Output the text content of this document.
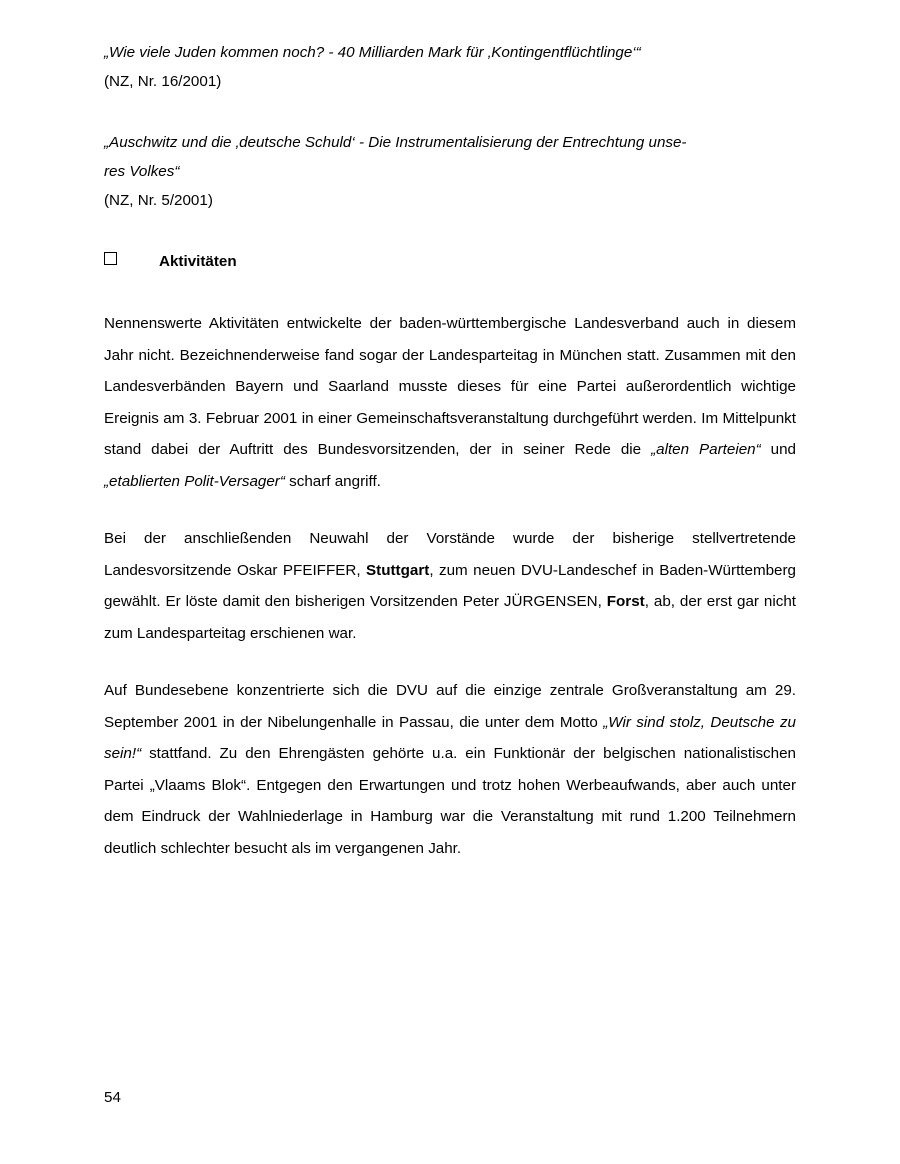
„Wie viele Juden kommen noch? - 40 Milliarden Mark für ‚Kontingentflüchtlinge‘“

(NZ, Nr. 16/2001)

„Auschwitz und die ‚deutsche Schuld‘ - Die Instrumentalisierung der Entrechtung unse-

res Volkes“

(NZ, Nr. 5/2001)

Aktivitäten

Nennenswerte Aktivitäten entwickelte der baden-württembergische Landesverband auch in diesem Jahr nicht. Bezeichnenderweise fand sogar der Landesparteitag in München statt. Zusammen mit den Landesverbänden Bayern und Saarland musste dieses für eine Partei außerordentlich wichtige Ereignis am 3. Februar 2001 in einer Gemeinschaftsveranstaltung durchgeführt werden. Im Mittelpunkt stand dabei der Auftritt des Bundesvorsitzenden, der in seiner Rede die „alten Parteien“ und „etablierten Polit-Versager“ scharf angriff.

Bei der anschließenden Neuwahl der Vorstände wurde der bisherige stellvertretende Landesvorsitzende Oskar PFEIFFER, Stuttgart, zum neuen DVU-Landeschef in Baden-Württemberg gewählt. Er löste damit den bisherigen Vorsitzenden Peter JÜRGENSEN, Forst, ab, der erst gar nicht zum Landesparteitag erschienen war.

Auf Bundesebene konzentrierte sich die DVU auf die einzige zentrale Großveranstaltung am 29. September 2001 in der Nibelungenhalle in Passau, die unter dem Motto „Wir sind stolz, Deutsche zu sein!“ stattfand. Zu den Ehrengästen gehörte u.a. ein Funktionär der belgischen nationalistischen Partei „Vlaams Blok“. Entgegen den Erwartungen und trotz hohen Werbeaufwands, aber auch unter dem Eindruck der Wahlniederlage in Hamburg war die Veranstaltung mit rund 1.200 Teilnehmern deutlich schlechter besucht als im vergangenen Jahr.

54
